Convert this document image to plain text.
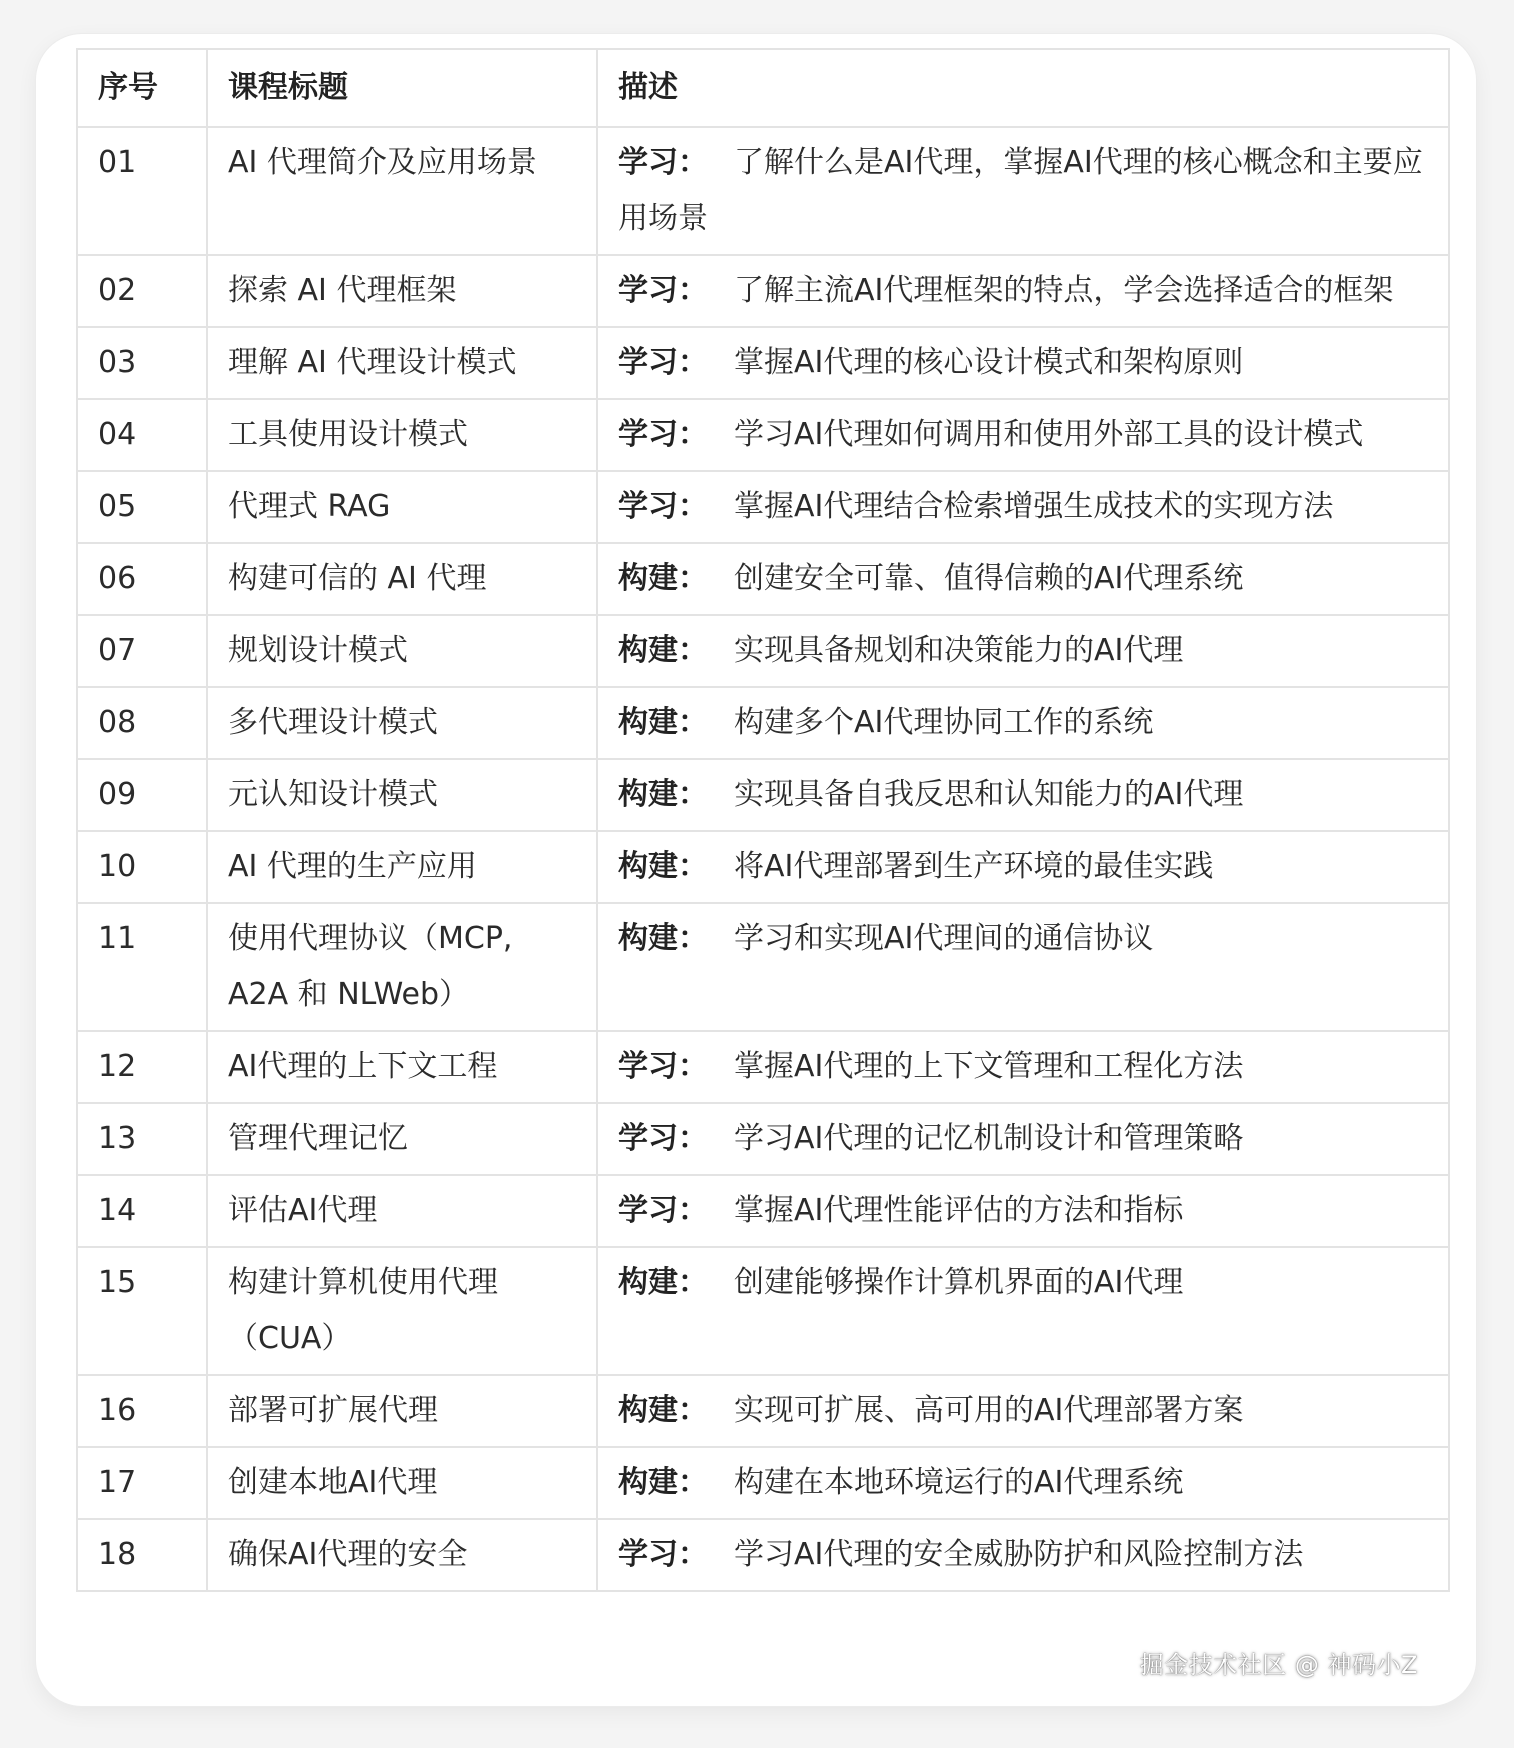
序号	课程标题	描述
01	AI 代理简介及应用场景	学习： 了解什么是AI代理，掌握AI代理的核心概念和主要应用场景
02	探索 AI 代理框架	学习： 了解主流AI代理框架的特点，学会选择适合的框架
03	理解 AI 代理设计模式	学习： 掌握AI代理的核心设计模式和架构原则
04	工具使用设计模式	学习： 学习AI代理如何调用和使用外部工具的设计模式
05	代理式 RAG	学习： 掌握AI代理结合检索增强生成技术的实现方法
06	构建可信的 AI 代理	构建： 创建安全可靠、值得信赖的AI代理系统
07	规划设计模式	构建： 实现具备规划和决策能力的AI代理
08	多代理设计模式	构建： 构建多个AI代理协同工作的系统
09	元认知设计模式	构建： 实现具备自我反思和认知能力的AI代理
10	AI 代理的生产应用	构建： 将AI代理部署到生产环境的最佳实践
11	使用代理协议（MCP, A2A 和 NLWeb）	构建： 学习和实现AI代理间的通信协议
12	AI代理的上下文工程	学习： 掌握AI代理的上下文管理和工程化方法
13	管理代理记忆	学习： 学习AI代理的记忆机制设计和管理策略
14	评估AI代理	学习： 掌握AI代理性能评估的方法和指标
15	构建计算机使用代理（CUA）	构建： 创建能够操作计算机界面的AI代理
16	部署可扩展代理	构建： 实现可扩展、高可用的AI代理部署方案
17	创建本地AI代理	构建： 构建在本地环境运行的AI代理系统
18	确保AI代理的安全	学习： 学习AI代理的安全威胁防护和风险控制方法
掘金技术社区 @ 神码小Z
